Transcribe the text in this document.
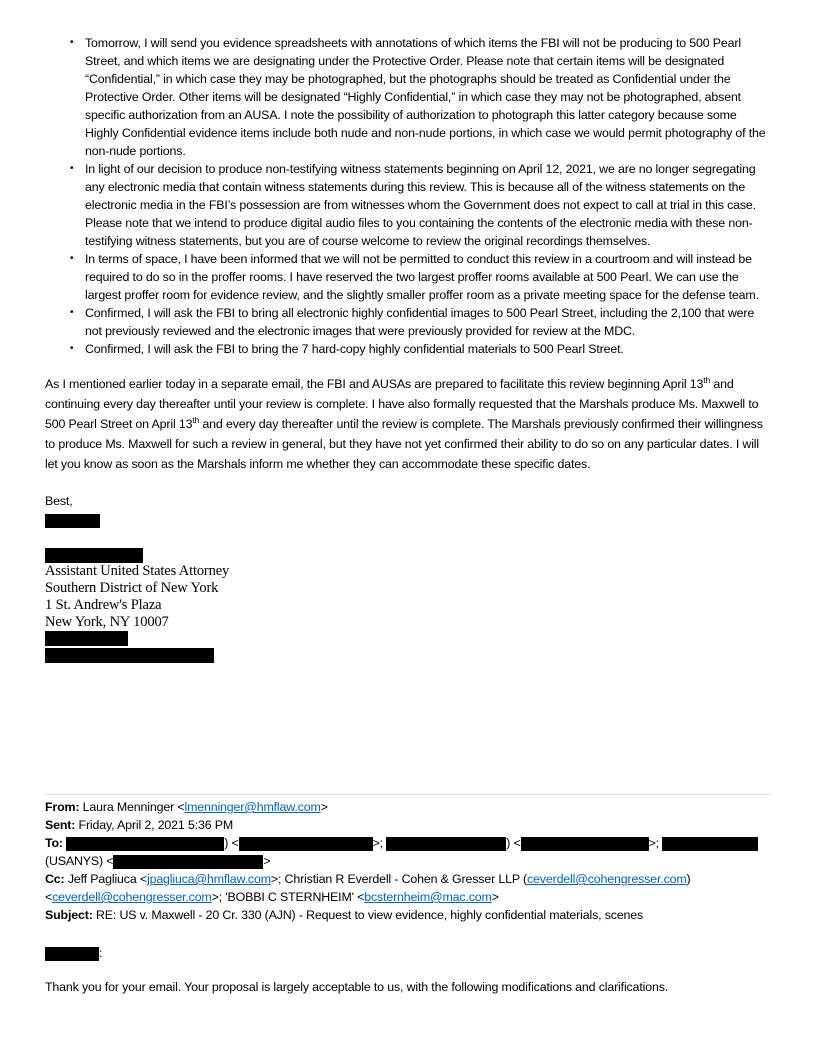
• Tomorrow, I will send you evidence spreadsheets with annotations of which items the FBI will not be producing to 500 Pearl Street, and which items we are designating under the Protective Order. Please note that certain items will be designated “Confidential,” in which case they may be photographed, but the photographs should be treated as Confidential under the Protective Order. Other items will be designated “Highly Confidential,” in which case they may not be photographed, absent specific authorization from an AUSA. I note the possibility of authorization to photograph this latter category because some Highly Confidential evidence items include both nude and non-nude portions, in which case we would permit photography of the non-nude portions.
• In light of our decision to produce non-testifying witness statements beginning on April 12, 2021, we are no longer segregating any electronic media that contain witness statements during this review. This is because all of the witness statements on the electronic media in the FBI’s possession are from witnesses whom the Government does not expect to call at trial in this case. Please note that we intend to produce digital audio files to you containing the contents of the electronic media with these non-testifying witness statements, but you are of course welcome to review the original recordings themselves.
• In terms of space, I have been informed that we will not be permitted to conduct this review in a courtroom and will instead be required to do so in the proffer rooms. I have reserved the two largest proffer rooms available at 500 Pearl. We can use the largest proffer room for evidence review, and the slightly smaller proffer room as a private meeting space for the defense team.
• Confirmed, I will ask the FBI to bring all electronic highly confidential images to 500 Pearl Street, including the 2,100 that were not previously reviewed and the electronic images that were previously provided for review at the MDC.
• Confirmed, I will ask the FBI to bring the 7 hard-copy highly confidential materials to 500 Pearl Street.

As I mentioned earlier today in a separate email, the FBI and AUSAs are prepared to facilitate this review beginning April 13th and continuing every day thereafter until your review is complete. I have also formally requested that the Marshals produce Ms. Maxwell to 500 Pearl Street on April 13th and every day thereafter until the review is complete. The Marshals previously confirmed their willingness to produce Ms. Maxwell for such a review in general, but they have not yet confirmed their ability to do so on any particular dates. I will let you know as soon as the Marshals inform me whether they can accommodate these specific dates.

Best,
Assistant United States Attorney
Southern District of New York
1 St. Andrew's Plaza
New York, NY 10007
From: Laura Menninger <lmenninger@hmflaw.com>
Sent: Friday, April 2, 2021 5:36 PM
To:	) <	>;	) <	>;
(USANYS) <	>
Cc: Jeff Pagliuca <jpagliuca@hmflaw.com>; Christian R Everdell - Cohen & Gresser LLP (ceverdell@cohengresser.com)
<ceverdell@cohengresser.com>; 'BOBBI C STERNHEIM' <bcsternheim@mac.com>
Subject: RE: US v. Maxwell - 20 Cr. 330 (AJN) - Request to view evidence, highly confidential materials, scenes
:
Thank you for your email. Your proposal is largely acceptable to us, with the following modifications and clarifications.
